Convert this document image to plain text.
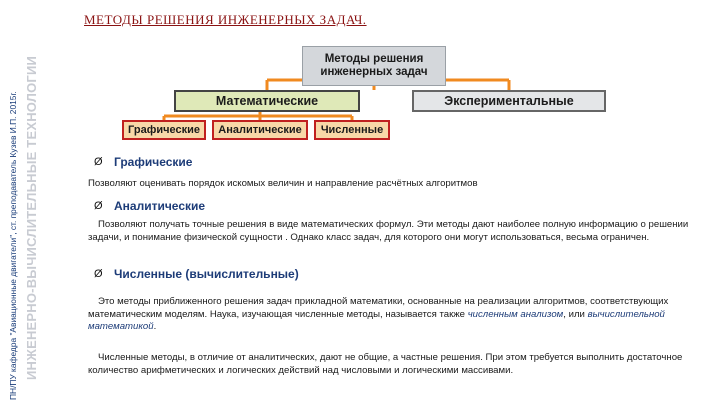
ПН/ПУ кафедра "Авиационные двигатели", ст. преподаватель Кузев И.П. 2015г. ИНЖЕНЕРНО-ВЫЧИСЛИТЕЛЬНЫЕ ТЕХНОЛОГИИ
МЕТОДЫ РЕШЕНИЯ ИНЖЕНЕРНЫХ ЗАДАЧ.
Методы решения
инженерных задач
Математические	Экспериментальные
Графические	Аналитические	Численные
Ø Графические
Позволяют оценивать порядок искомых величин и направление расчётных алгоритмов
Ø Аналитические
Позволяют получать точные решения в виде математических формул. Эти методы дают наиболее полную информацию о решении задачи, и понимание физической сущности . Однако класс задач, для которого они могут использоваться, весьма ограничен.
Ø Численные (вычислительные)
Это методы приближенного решения задач прикладной математики, основанные на реализации алгоритмов, соответствующих математическим моделям. Наука, изучающая численные методы, называется также численным анализом, или вычислительной математикой.
Численные методы, в отличие от аналитических, дают не общие, а частные решения. При этом требуется выполнить достаточное количество арифметических и логических действий над числовыми и логическими массивами.
